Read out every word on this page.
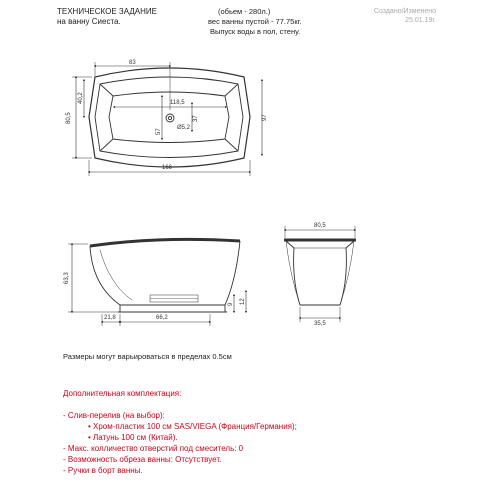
ТЕХНИЧЕСКОЕ ЗАДАНИЕ
на ванну Сиеста.
(обьем - 280л.)
вес ванны пустой - 77.75кг.
Выпуск воды в пол, стену.
Создано/Изменено
25.01.19г.
83
80,5
40,2	118,5
57
37
Ø5,2
97
166
63,3
21,8	66,2
9 12
80,5
35,5
Размеры могут варьироваться в пределах 0.5см
Дополнительная комплектация:
- Слив-перелив (на выбор):
• Хром-пластик 100 см SAS/VIEGA (Франция/Германия);
• Латунь 100 см (Китай).
- Макс. колличество отверстий под смеситель: 0
- Возможность обреза ванны: Отсутствует.
- Ручки в борт ванны.
